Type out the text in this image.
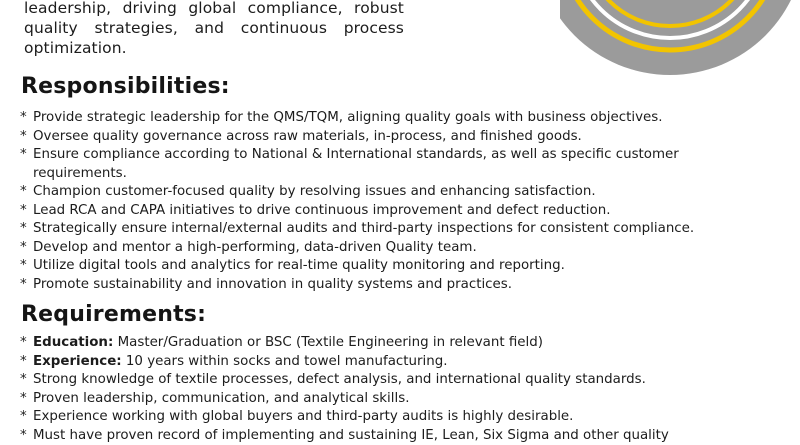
leadership, driving global compliance, robust
quality strategies, and continuous process
optimization.
Responsibilities:
* Provide strategic leadership for the QMS/TQM, aligning quality goals with business objectives.
* Oversee quality governance across raw materials, in-process, and finished goods.
* Ensure compliance according to National & International standards, as well as specific customer requirements.
* Champion customer-focused quality by resolving issues and enhancing satisfaction.
* Lead RCA and CAPA initiatives to drive continuous improvement and defect reduction.
* Strategically ensure internal/external audits and third-party inspections for consistent compliance.
* Develop and mentor a high-performing, data-driven Quality team.
* Utilize digital tools and analytics for real-time quality monitoring and reporting.
* Promote sustainability and innovation in quality systems and practices.
Requirements:
* Education: Master/Graduation or BSC (Textile Engineering in relevant field)
* Experience: 10 years within socks and towel manufacturing.
* Strong knowledge of textile processes, defect analysis, and international quality standards.
* Proven leadership, communication, and analytical skills.
* Experience working with global buyers and third-party audits is highly desirable.
* Must have proven record of implementing and sustaining IE, Lean, Six Sigma and other quality
